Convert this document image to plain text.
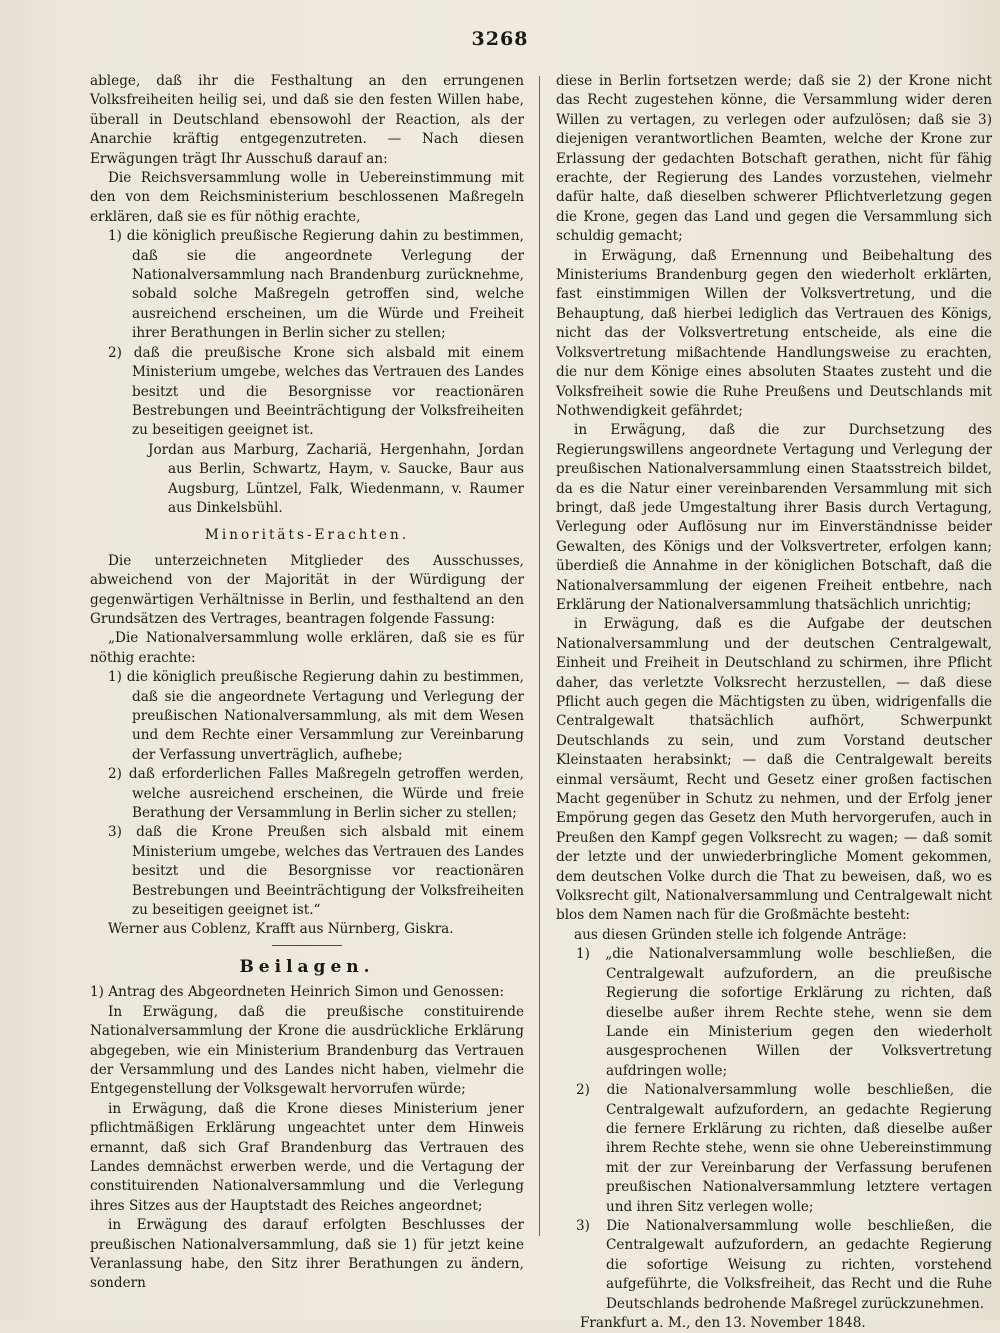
3268

ablege, daß ihr die Festhaltung an den errungenen Volksfreiheiten heilig sei, und daß sie den festen Willen habe, überall in Deutschland ebensowohl der Reaction, als der Anarchie kräftig entgegenzutreten. — Nach diesen Erwägungen trägt Ihr Ausschuß darauf an:

Die Reichsversammlung wolle in Uebereinstimmung mit den von dem Reichsministerium beschlossenen Maßregeln erklären, daß sie es für nöthig erachte,

1) die königlich preußische Regierung dahin zu bestimmen, daß sie die angeordnete Verlegung der Nationalversammlung nach Brandenburg zurücknehme, sobald solche Maßregeln getroffen sind, welche ausreichend erscheinen, um die Würde und Freiheit ihrer Berathungen in Berlin sicher zu stellen;

2) daß die preußische Krone sich alsbald mit einem Ministerium umgebe, welches das Vertrauen des Landes besitzt und die Besorgnisse vor reactionären Bestrebungen und Beeinträchtigung der Volksfreiheiten zu beseitigen geeignet ist.

Jordan aus Marburg, Zachariä, Hergenhahn, Jordan aus Berlin, Schwartz, Haym, v. Saucke, Baur aus Augsburg, Lüntzel, Falk, Wiedenmann, v. Raumer aus Dinkelsbühl.

Minoritäts-Erachten.

Die unterzeichneten Mitglieder des Ausschusses, abweichend von der Majorität in der Würdigung der gegenwärtigen Verhältnisse in Berlin, und festhaltend an den Grundsätzen des Vertrages, beantragen folgende Fassung:

„Die Nationalversammlung wolle erklären, daß sie es für nöthig erachte:

1) die königlich preußische Regierung dahin zu bestimmen, daß sie die angeordnete Vertagung und Verlegung der preußischen Nationalversammlung, als mit dem Wesen und dem Rechte einer Versammlung zur Vereinbarung der Verfassung unverträglich, aufhebe;

2) daß erforderlichen Falles Maßregeln getroffen werden, welche ausreichend erscheinen, die Würde und freie Berathung der Versammlung in Berlin sicher zu stellen;

3) daß die Krone Preußen sich alsbald mit einem Ministerium umgebe, welches das Vertrauen des Landes besitzt und die Besorgnisse vor reactionären Bestrebungen und Beeinträchtigung der Volksfreiheiten zu beseitigen geeignet ist.“

Werner aus Coblenz, Krafft aus Nürnberg, Giskra.

Beilagen.

1) Antrag des Abgeordneten Heinrich Simon und Genossen:

In Erwägung, daß die preußische constituirende Nationalversammlung der Krone die ausdrückliche Erklärung abgegeben, wie ein Ministerium Brandenburg das Vertrauen der Versammlung und des Landes nicht haben, vielmehr die Entgegenstellung der Volksgewalt hervorrufen würde;

in Erwägung, daß die Krone dieses Ministerium jener pflichtmäßigen Erklärung ungeachtet unter dem Hinweis ernannt, daß sich Graf Brandenburg das Vertrauen des Landes demnächst erwerben werde, und die Vertagung der constituirenden Nationalversammlung und die Verlegung ihres Sitzes aus der Hauptstadt des Reiches angeordnet;

in Erwägung des darauf erfolgten Beschlusses der preußischen Nationalversammlung, daß sie 1) für jetzt keine Veranlassung habe, den Sitz ihrer Berathungen zu ändern, sondern

diese in Berlin fortsetzen werde; daß sie 2) der Krone nicht das Recht zugestehen könne, die Versammlung wider deren Willen zu vertagen, zu verlegen oder aufzulösen; daß sie 3) diejenigen verantwortlichen Beamten, welche der Krone zur Erlassung der gedachten Botschaft gerathen, nicht für fähig erachte, der Regierung des Landes vorzustehen, vielmehr dafür halte, daß dieselben schwerer Pflichtverletzung gegen die Krone, gegen das Land und gegen die Versammlung sich schuldig gemacht;

in Erwägung, daß Ernennung und Beibehaltung des Ministeriums Brandenburg gegen den wiederholt erklärten, fast einstimmigen Willen der Volksvertretung, und die Behauptung, daß hierbei lediglich das Vertrauen des Königs, nicht das der Volksvertretung entscheide, als eine die Volksvertretung mißachtende Handlungsweise zu erachten, die nur dem Könige eines absoluten Staates zusteht und die Volksfreiheit sowie die Ruhe Preußens und Deutschlands mit Nothwendigkeit gefährdet;

in Erwägung, daß die zur Durchsetzung des Regierungswillens angeordnete Vertagung und Verlegung der preußischen Nationalversammlung einen Staatsstreich bildet, da es die Natur einer vereinbarenden Versammlung mit sich bringt, daß jede Umgestaltung ihrer Basis durch Vertagung, Verlegung oder Auflösung nur im Einverständnisse beider Gewalten, des Königs und der Volksvertreter, erfolgen kann; überdieß die Annahme in der königlichen Botschaft, daß die Nationalversammlung der eigenen Freiheit entbehre, nach Erklärung der Nationalversammlung thatsächlich unrichtig;

in Erwägung, daß es die Aufgabe der deutschen Nationalversammlung und der deutschen Centralgewalt, Einheit und Freiheit in Deutschland zu schirmen, ihre Pflicht daher, das verletzte Volksrecht herzustellen, — daß diese Pflicht auch gegen die Mächtigsten zu üben, widrigenfalls die Centralgewalt thatsächlich aufhört, Schwerpunkt Deutschlands zu sein, und zum Vorstand deutscher Kleinstaaten herabsinkt; — daß die Centralgewalt bereits einmal versäumt, Recht und Gesetz einer großen factischen Macht gegenüber in Schutz zu nehmen, und der Erfolg jener Empörung gegen das Gesetz den Muth hervorgerufen, auch in Preußen den Kampf gegen Volksrecht zu wagen; — daß somit der letzte und der unwiederbringliche Moment gekommen, dem deutschen Volke durch die That zu beweisen, daß, wo es Volksrecht gilt, Nationalversammlung und Centralgewalt nicht blos dem Namen nach für die Großmächte besteht:

aus diesen Gründen stelle ich folgende Anträge:

1) „die Nationalversammlung wolle beschließen, die Centralgewalt aufzufordern, an die preußische Regierung die sofortige Erklärung zu richten, daß dieselbe außer ihrem Rechte stehe, wenn sie dem Lande ein Ministerium gegen den wiederholt ausgesprochenen Willen der Volksvertretung aufdringen wolle;

2) die Nationalversammlung wolle beschließen, die Centralgewalt aufzufordern, an gedachte Regierung die fernere Erklärung zu richten, daß dieselbe außer ihrem Rechte stehe, wenn sie ohne Uebereinstimmung mit der zur Vereinbarung der Verfassung berufenen preußischen Nationalversammlung letztere vertagen und ihren Sitz verlegen wolle;

3) Die Nationalversammlung wolle beschließen, die Centralgewalt aufzufordern, an gedachte Regierung die sofortige Weisung zu richten, vorstehend aufgeführte, die Volksfreiheit, das Recht und die Ruhe Deutschlands bedrohende Maßregel zurückzunehmen.

Frankfurt a. M., den 13. November 1848.
